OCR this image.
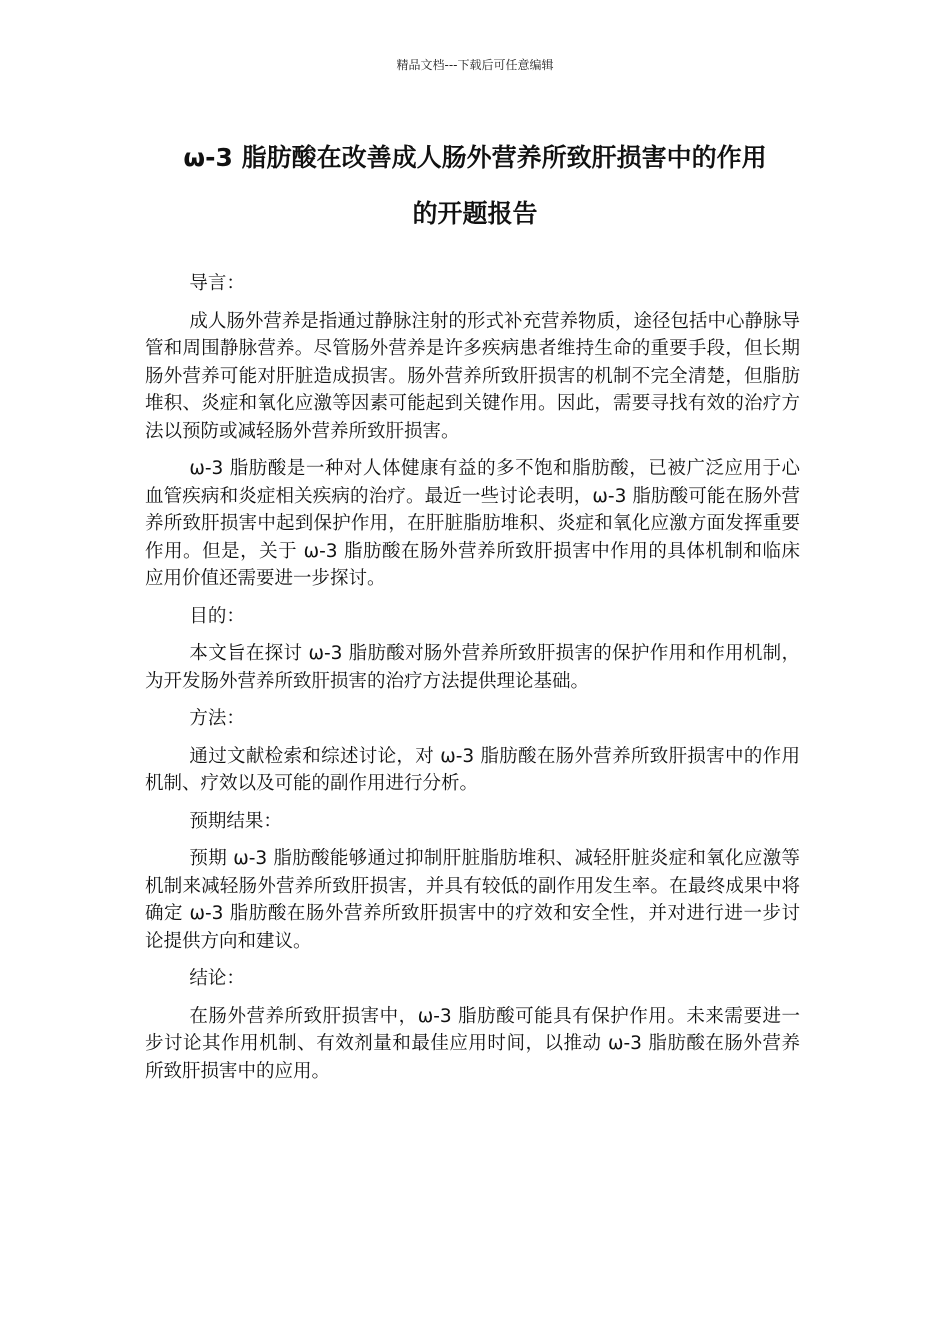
精品文档---下载后可任意编辑
ω-3 脂肪酸在改善成人肠外营养所致肝损害中的作用
的开题报告

导言：

成人肠外营养是指通过静脉注射的形式补充营养物质，途径包括中心静脉导管和周围静脉营养。尽管肠外营养是许多疾病患者维持生命的重要手段，但长期肠外营养可能对肝脏造成损害。肠外营养所致肝损害的机制不完全清楚，但脂肪堆积、炎症和氧化应激等因素可能起到关键作用。因此，需要寻找有效的治疗方法以预防或减轻肠外营养所致肝损害。

ω-3 脂肪酸是一种对人体健康有益的多不饱和脂肪酸，已被广泛应用于心血管疾病和炎症相关疾病的治疗。最近一些讨论表明，ω-3 脂肪酸可能在肠外营养所致肝损害中起到保护作用，在肝脏脂肪堆积、炎症和氧化应激方面发挥重要作用。但是，关于 ω-3 脂肪酸在肠外营养所致肝损害中作用的具体机制和临床应用价值还需要进一步探讨。

目的：

本文旨在探讨 ω-3 脂肪酸对肠外营养所致肝损害的保护作用和作用机制，为开发肠外营养所致肝损害的治疗方法提供理论基础。

方法：

通过文献检索和综述讨论，对 ω-3 脂肪酸在肠外营养所致肝损害中的作用机制、疗效以及可能的副作用进行分析。

预期结果：

预期 ω-3 脂肪酸能够通过抑制肝脏脂肪堆积、减轻肝脏炎症和氧化应激等机制来减轻肠外营养所致肝损害，并具有较低的副作用发生率。在最终成果中将确定 ω-3 脂肪酸在肠外营养所致肝损害中的疗效和安全性，并对进行进一步讨论提供方向和建议。

结论：

在肠外营养所致肝损害中，ω-3 脂肪酸可能具有保护作用。未来需要进一步讨论其作用机制、有效剂量和最佳应用时间，以推动 ω-3 脂肪酸在肠外营养所致肝损害中的应用。
